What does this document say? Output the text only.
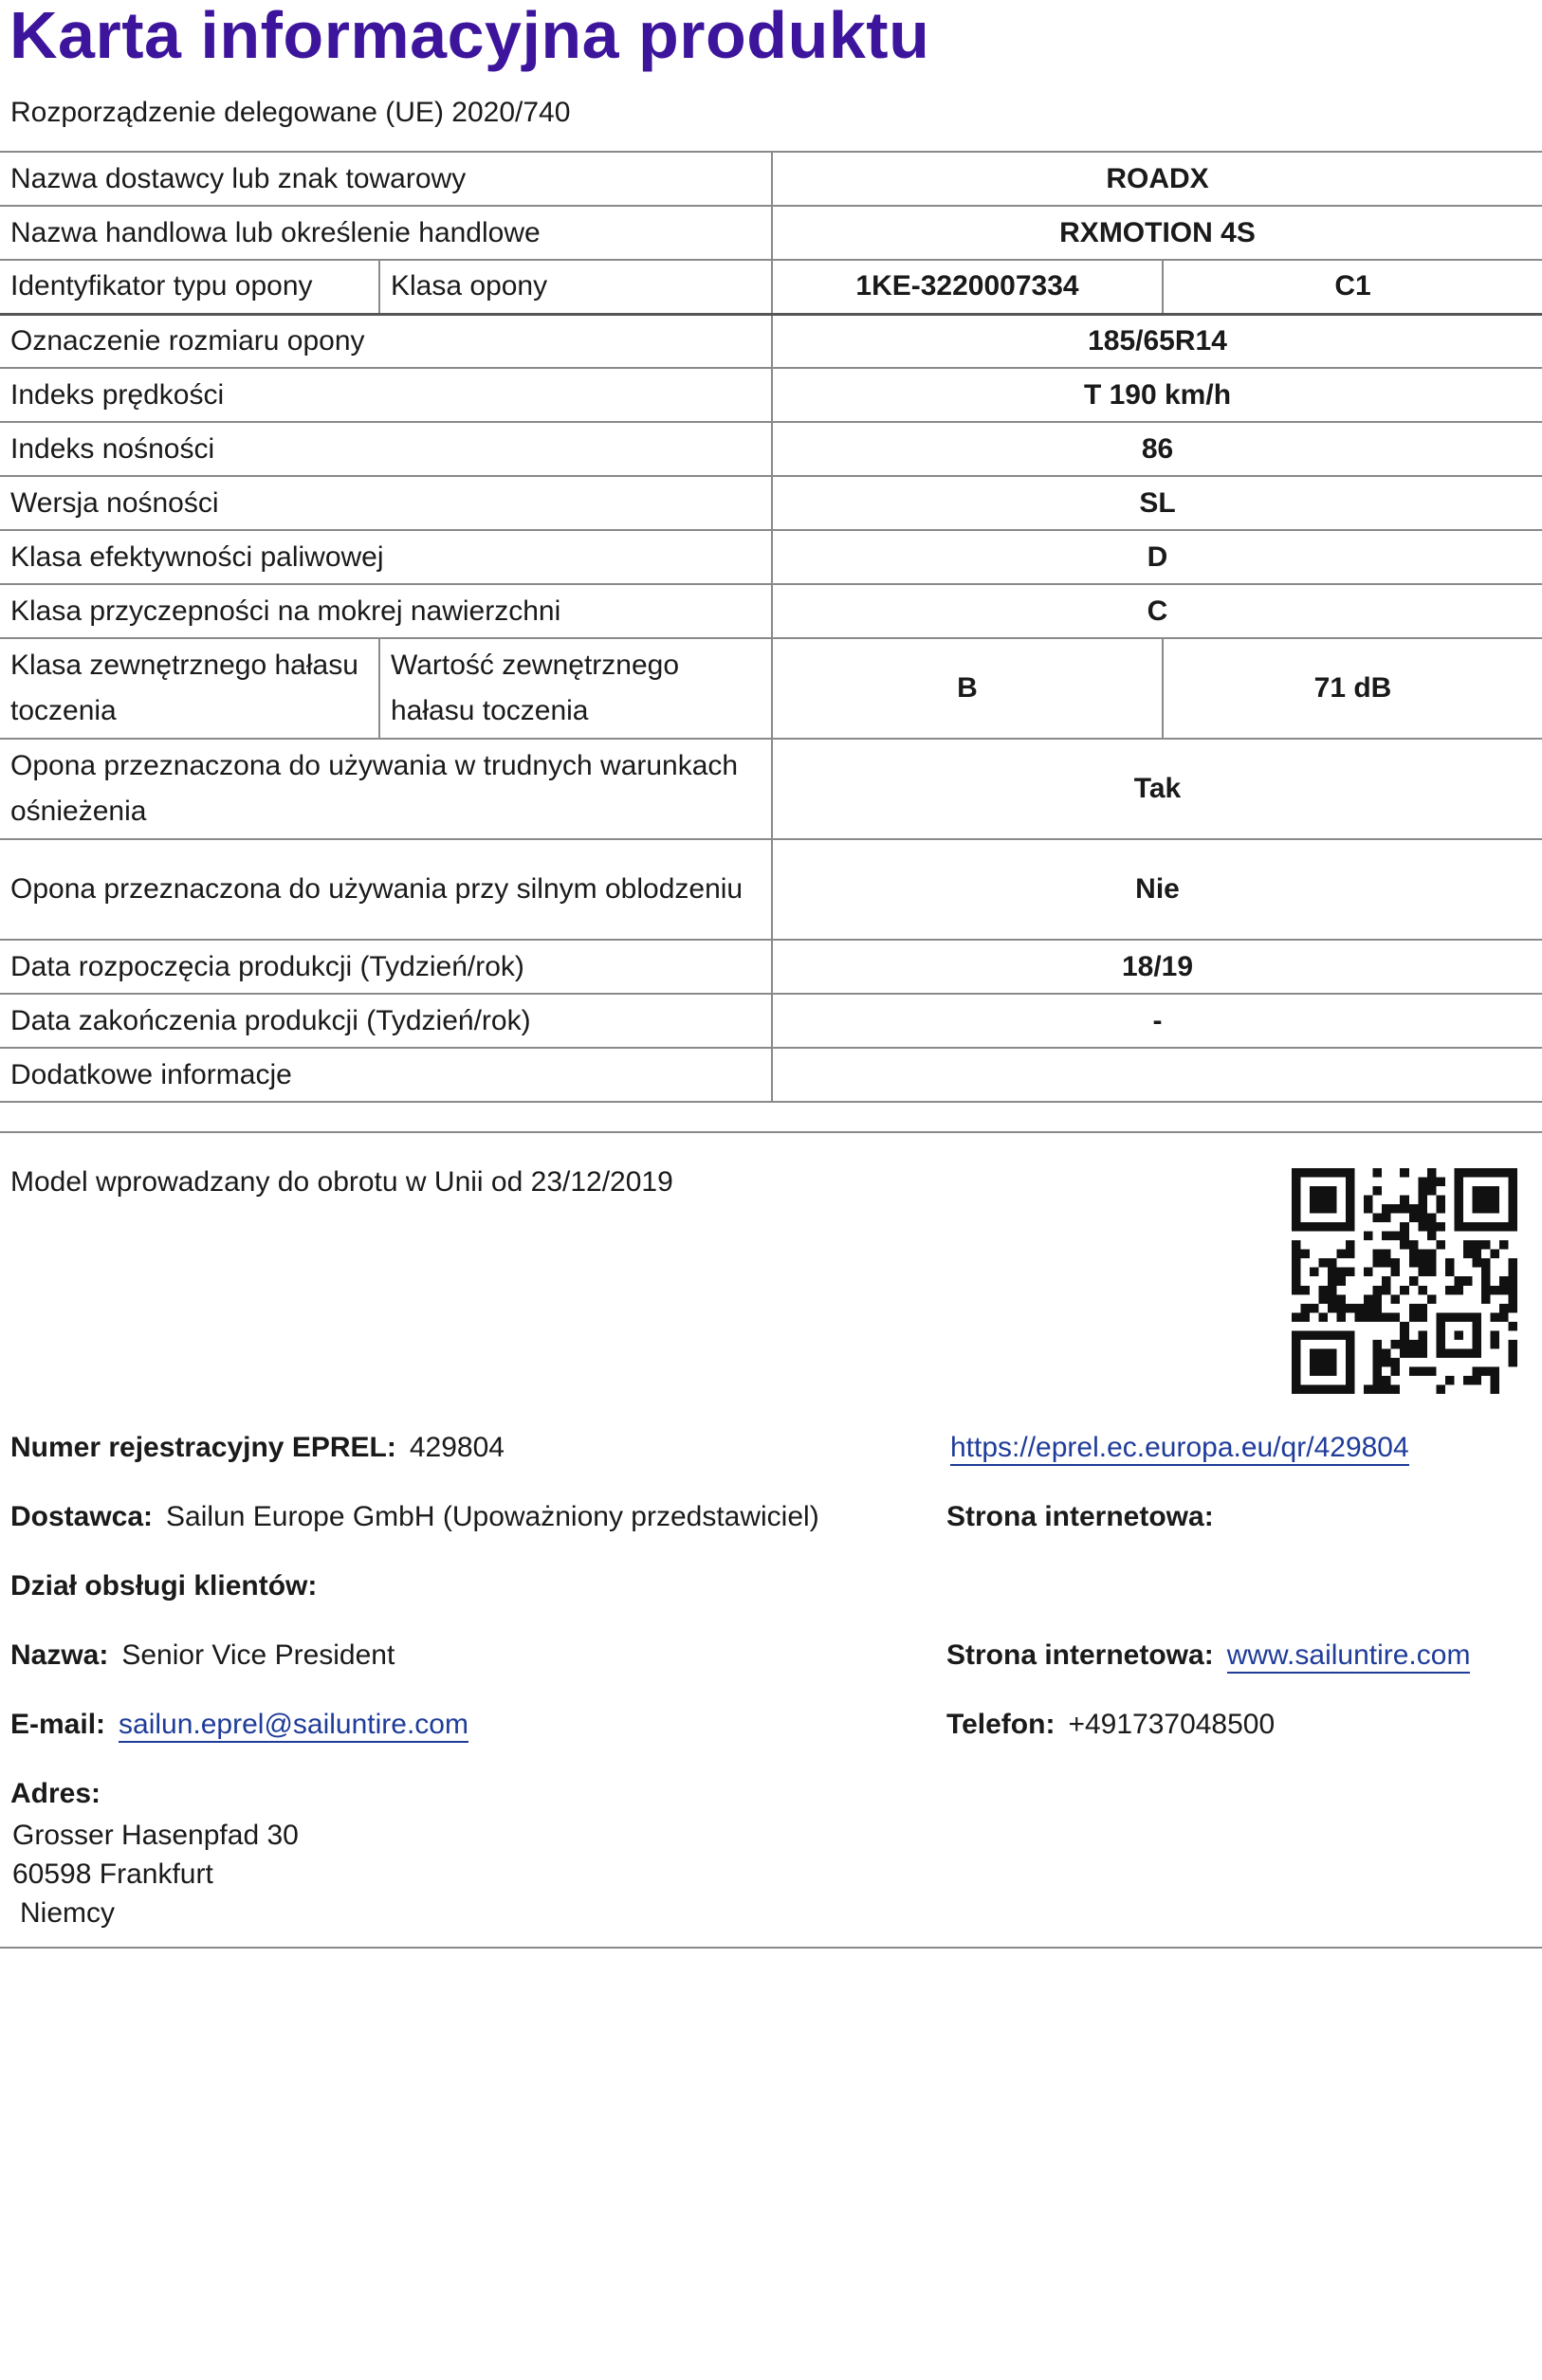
Karta informacyjna produktu
Rozporządzenie delegowane (UE) 2020/740
Nazwa dostawcy lub znak towarowy		ROADX	
Nazwa handlowa lub określenie handlowe		RXMOTION 4S	
Identyfikator typu opony	Klasa opony	1KE-3220007334	C1
Oznaczenie rozmiaru opony		185/65R14	
Indeks prędkości		T 190 km/h	
Indeks nośności		86	
Wersja nośności		SL	
Klasa efektywności paliwowej		D	
Klasa przyczepności na mokrej nawierzchni		C	
Klasa zewnętrznego hałasu toczenia	Wartość zewnętrznego hałasu toczenia	B	71 dB
Opona przeznaczona do używania w trudnych warunkach ośnieżenia		Tak	
Opona przeznaczona do używania przy silnym oblodzeniu		Nie	
Data rozpoczęcia produkcji (Tydzień/rok)		18/19	
Data zakończenia produkcji (Tydzień/rok)		-	
Dodatkowe informacje			
Model wprowadzany do obrotu w Unii od 23/12/2019
Numer rejestracyjny EPREL: 429804	https://eprel.ec.europa.eu/qr/429804
Dostawca: Sailun Europe GmbH (Upoważniony przedstawiciel)	Strona internetowa:
Dział obsługi klientów:
Nazwa: Senior Vice President	Strona internetowa: www.sailuntire.com
E-mail: sailun.eprel@sailuntire.com	Telefon: +491737048500
Adres:
Grosser Hasenpfad 30
60598 Frankfurt
Niemcy
